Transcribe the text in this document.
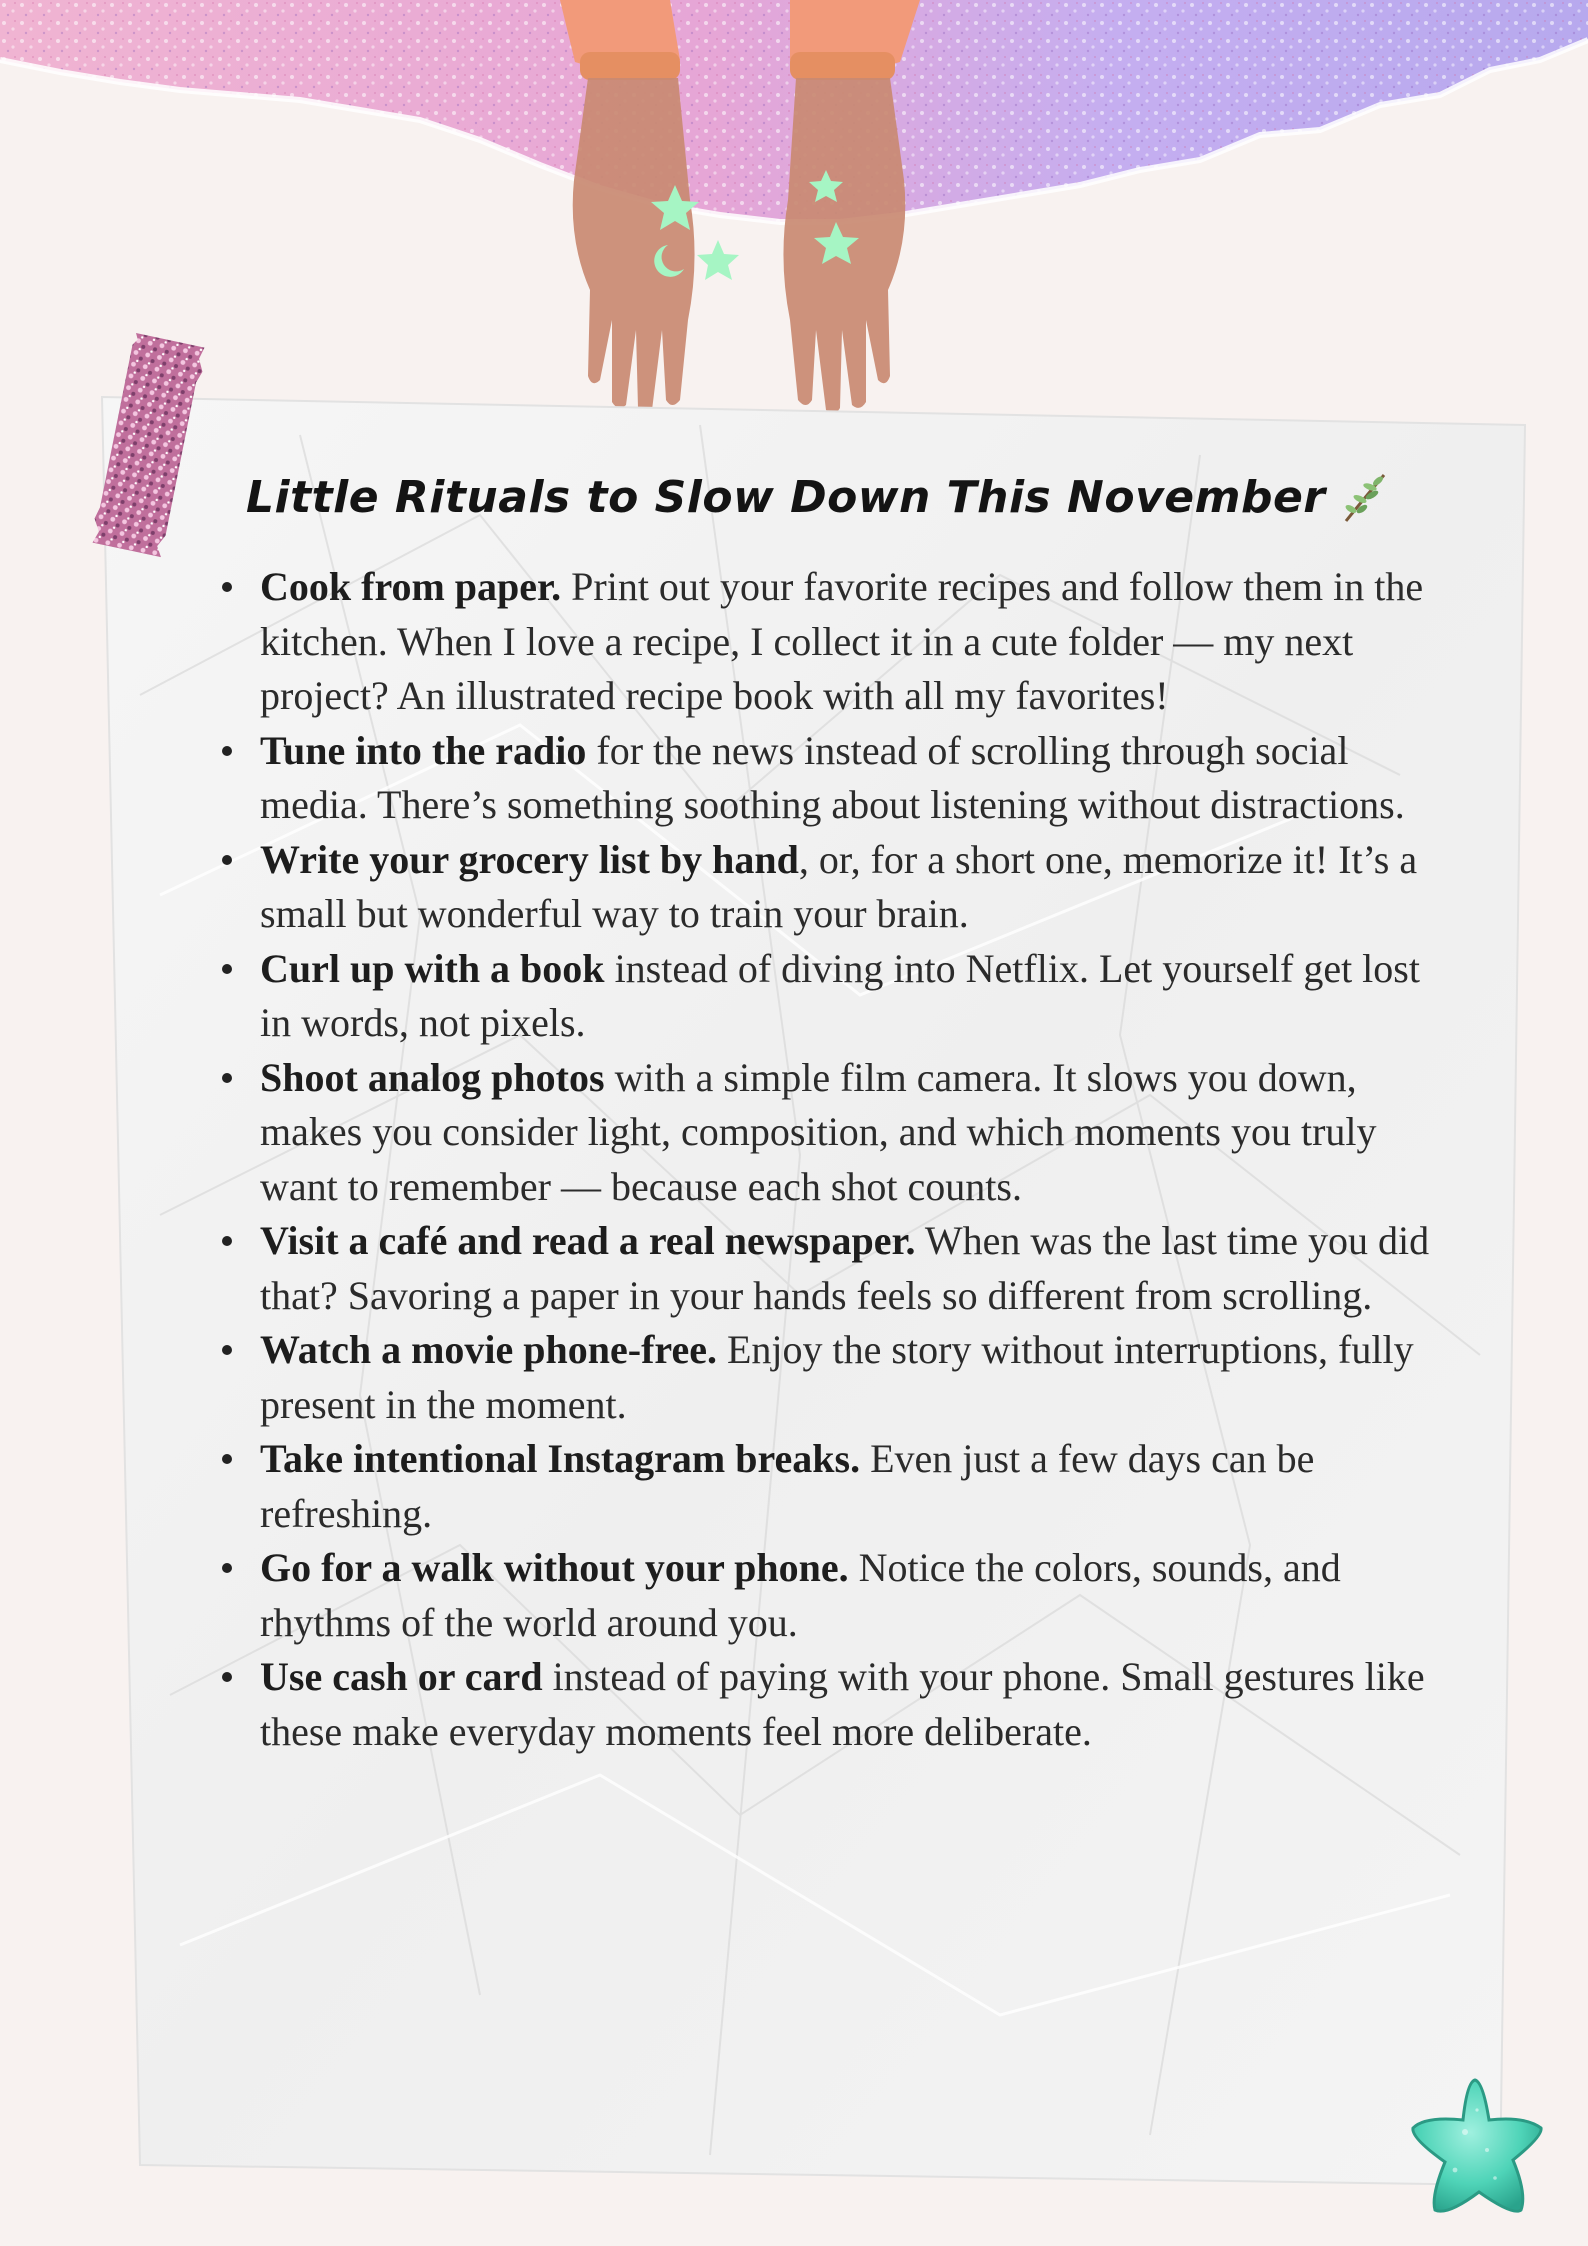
Little Rituals to Slow Down This November
Cook from paper. Print out your favorite recipes and follow them in the kitchen. When I love a recipe, I collect it in a cute folder — my next project? An illustrated recipe book with all my favorites!
Tune into the radio for the news instead of scrolling through social media. There’s something soothing about listening without distractions.
Write your grocery list by hand, or, for a short one, memorize it! It’s a small but wonderful way to train your brain.
Curl up with a book instead of diving into Netflix. Let yourself get lost in words, not pixels.
Shoot analog photos with a simple film camera. It slows you down, makes you consider light, composition, and which moments you truly want to remember — because each shot counts.
Visit a café and read a real newspaper. When was the last time you did that? Savoring a paper in your hands feels so different from scrolling.
Watch a movie phone-free. Enjoy the story without interruptions, fully present in the moment.
Take intentional Instagram breaks. Even just a few days can be refreshing.
Go for a walk without your phone. Notice the colors, sounds, and rhythms of the world around you.
Use cash or card instead of paying with your phone. Small gestures like these make everyday moments feel more deliberate.
